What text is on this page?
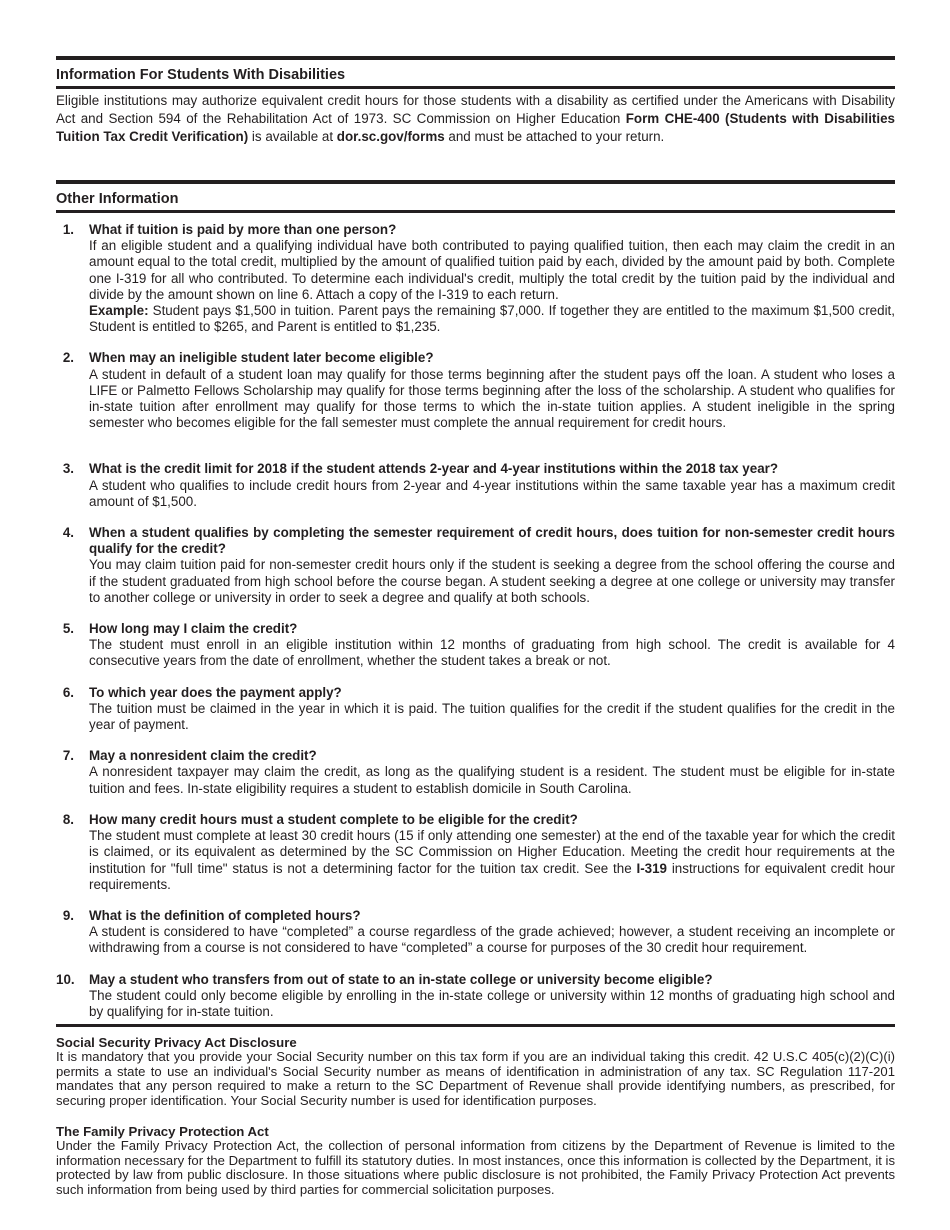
Information For Students With Disabilities

Eligible institutions may authorize equivalent credit hours for those students with a disability as certified under the Americans with Disability Act and Section 594 of the Rehabilitation Act of 1973. SC Commission on Higher Education Form CHE-400 (Students with Disabilities Tuition Tax Credit Verification) is available at dor.sc.gov/forms and must be attached to your return.

Other Information
1. What if tuition is paid by more than one person?
If an eligible student and a qualifying individual have both contributed to paying qualified tuition, then each may claim the credit in an amount equal to the total credit, multiplied by the amount of qualified tuition paid by each, divided by the amount paid by both. Complete one I-319 for all who contributed. To determine each individual's credit, multiply the total credit by the tuition paid by the individual and divide by the amount shown on line 6. Attach a copy of the I-319 to each return.
Example: Student pays $1,500 in tuition. Parent pays the remaining $7,000. If together they are entitled to the maximum $1,500 credit, Student is entitled to $265, and Parent is entitled to $1,235.
2. When may an ineligible student later become eligible?
A student in default of a student loan may qualify for those terms beginning after the student pays off the loan. A student who loses a LIFE or Palmetto Fellows Scholarship may qualify for those terms beginning after the loss of the scholarship. A student who qualifies for in-state tuition after enrollment may qualify for those terms to which the in-state tuition applies. A student ineligible in the spring semester who becomes eligible for the fall semester must complete the annual requirement for credit hours.
3. What is the credit limit for 2018 if the student attends 2-year and 4-year institutions within the 2018 tax year?
A student who qualifies to include credit hours from 2-year and 4-year institutions within the same taxable year has a maximum credit amount of $1,500.
4. When a student qualifies by completing the semester requirement of credit hours, does tuition for non-semester credit hours qualify for the credit?
You may claim tuition paid for non-semester credit hours only if the student is seeking a degree from the school offering the course and if the student graduated from high school before the course began. A student seeking a degree at one college or university may transfer to another college or university in order to seek a degree and qualify at both schools.
5. How long may I claim the credit?
The student must enroll in an eligible institution within 12 months of graduating from high school. The credit is available for 4 consecutive years from the date of enrollment, whether the student takes a break or not.
6. To which year does the payment apply?
The tuition must be claimed in the year in which it is paid. The tuition qualifies for the credit if the student qualifies for the credit in the year of payment.
7. May a nonresident claim the credit?
A nonresident taxpayer may claim the credit, as long as the qualifying student is a resident. The student must be eligible for in-state tuition and fees. In-state eligibility requires a student to establish domicile in South Carolina.
8. How many credit hours must a student complete to be eligible for the credit?
The student must complete at least 30 credit hours (15 if only attending one semester) at the end of the taxable year for which the credit is claimed, or its equivalent as determined by the SC Commission on Higher Education. Meeting the credit hour requirements at the institution for "full time" status is not a determining factor for the tuition tax credit. See the I-319 instructions for equivalent credit hour requirements.
9. What is the definition of completed hours?
A student is considered to have “completed” a course regardless of the grade achieved; however, a student receiving an incomplete or withdrawing from a course is not considered to have “completed” a course for purposes of the 30 credit hour requirement.
10. May a student who transfers from out of state to an in-state college or university become eligible?
The student could only become eligible by enrolling in the in-state college or university within 12 months of graduating high school and by qualifying for in-state tuition.
Social Security Privacy Act Disclosure
It is mandatory that you provide your Social Security number on this tax form if you are an individual taking this credit. 42 U.S.C 405(c)(2)(C)(i) permits a state to use an individual's Social Security number as means of identification in administration of any tax. SC Regulation 117-201 mandates that any person required to make a return to the SC Department of Revenue shall provide identifying numbers, as prescribed, for securing proper identification. Your Social Security number is used for identification purposes.
The Family Privacy Protection Act
Under the Family Privacy Protection Act, the collection of personal information from citizens by the Department of Revenue is limited to the information necessary for the Department to fulfill its statutory duties. In most instances, once this information is collected by the Department, it is protected by law from public disclosure. In those situations where public disclosure is not prohibited, the Family Privacy Protection Act prevents such information from being used by third parties for commercial solicitation purposes.
